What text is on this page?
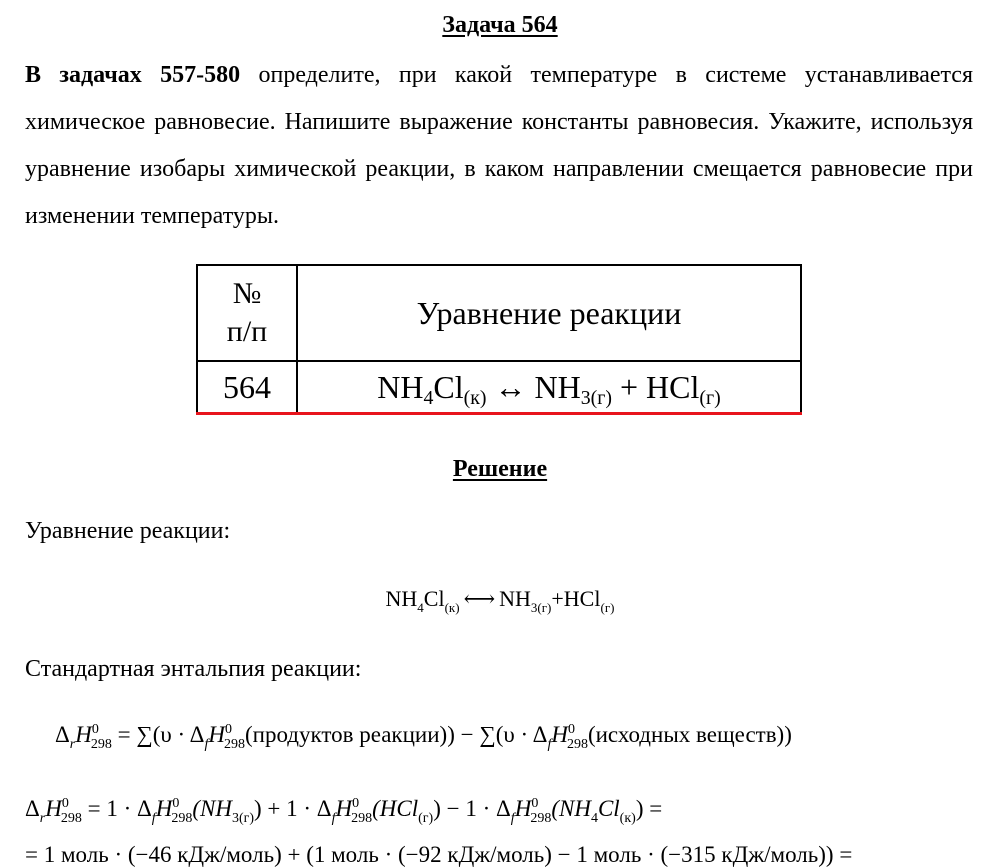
Задача 564
В задачах 557-580 определите, при какой температуре в системе устанавливается химическое равновесие. Напишите выражение константы равновесия. Укажите, используя уравнение изобары химической реакции, в каком направлении смещается равновесие при изменении температуры.
№
п/п	Уравнение реакции
564	$NH_4Cl_{(к)}$ ↔ $NH_{3(г)} + HCl_{(г)}$
Решение
Уравнение реакции:
$NH_4Cl_{(к)}$ ⟷ $NH_{3(г)}+HCl_{(г)}$
Стандартная энтальпия реакции:
$\Delta_rH^0_{298} = \sum(\upsilon$ · $\Delta_fH^0_{298}(продуктов$ реакции)) − $\sum(\upsilon \cdot \Delta_fH^0_{298}(исходных$ веществ))
$\Delta_rH^0_{298} = 1 \cdot \Delta_fH^0_{298}(NH_{3(г)}) + 1 \cdot \Delta_fH^0_{298}(HCl_{(г)}) - 1 \cdot \Delta_fH^0_{298}(NH_4Cl_{(к)})$ =
= 1 моль · (−46 кДж/моль) + (1 моль · (−92 кДж/моль) − 1 моль · (−315 кДж/моль)) =
